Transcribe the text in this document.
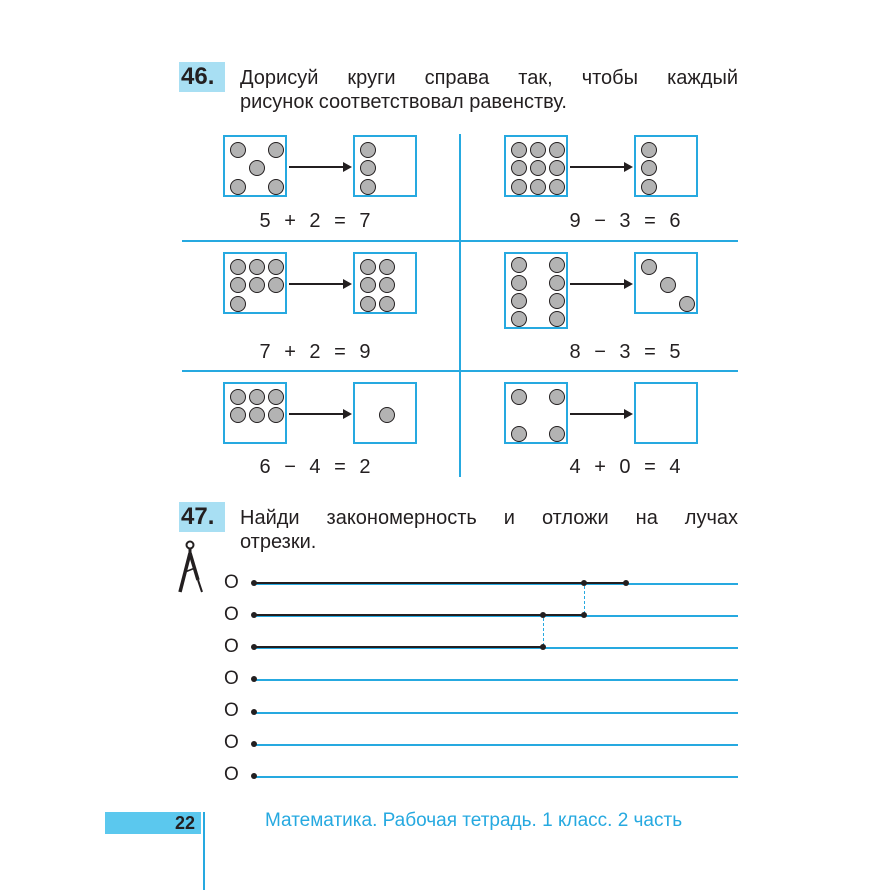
46.	Дорисуй круги справа так, чтобы каждый
рисунок соответствовал равенству.
5 + 2 = 7	9 − 3 = 6
7 + 2 = 9	8 − 3 = 5
6 − 4 = 2	4 + 0 = 4
47.	Найди закономерность и отложи на лучах
отрезки.
O
O
O
O
O
O
O
22	Математика. Рабочая тетрадь. 1 класс. 2 часть
